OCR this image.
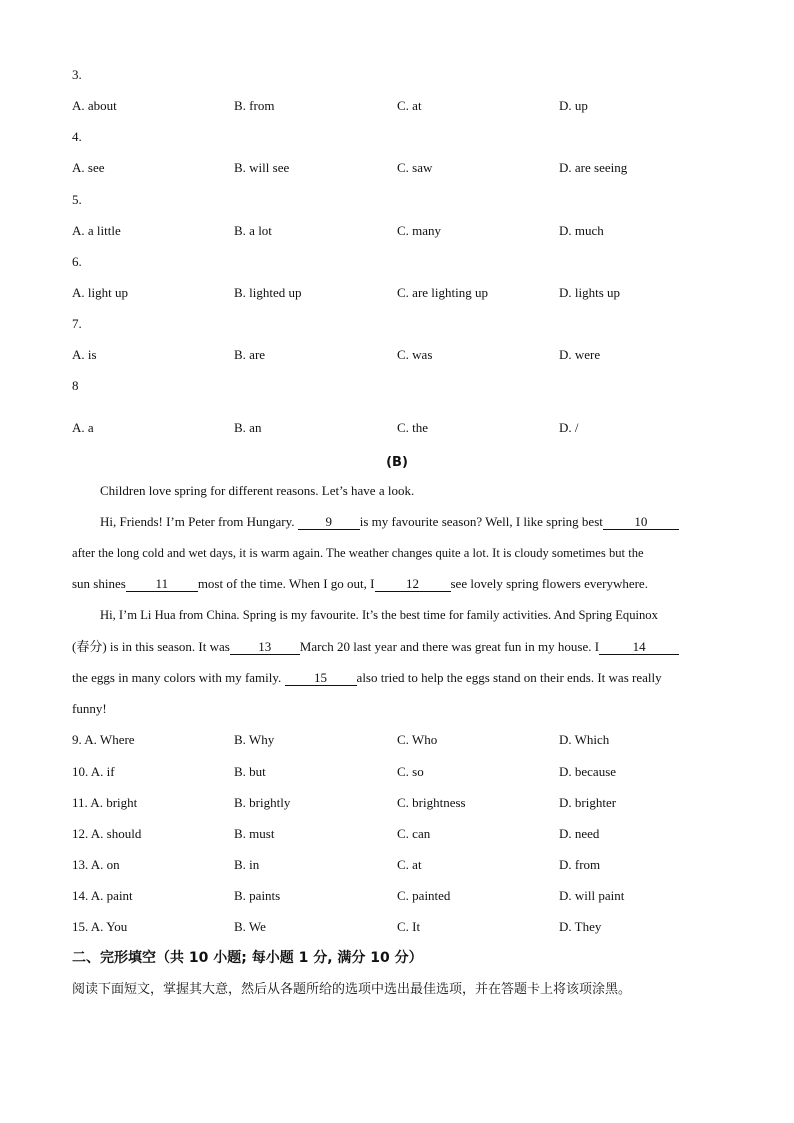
3.
A. about	B. from	C. at	D. up
4.
A. see	B. will see	C. saw	D. are seeing
5.
A. a little	B. a lot	C. many	D. much
6.
A. light up	B. lighted up	C. are lighting up	D. lights up
7.
A. is	B. are	C. was	D. were
8
A. a	B. an	C. the	D. /
(B)
Children love spring for different reasons. Let’s have a look.
Hi, Friends! I’m Peter from Hungary. 9 is my favourite season? Well, I like spring best 10
after the long cold and wet days, it is warm again. The weather changes quite a lot. It is cloudy sometimes but the
sun shines 11 most of the time. When I go out, I 12 see lovely spring flowers everywhere.
Hi, I’m Li Hua from China. Spring is my favourite. It’s the best time for family activities. And Spring Equinox
(春分) is in this season. It was 13 March 20 last year and there was great fun in my house. I	14
the eggs in many colors with my family. 15 also tried to help the eggs stand on their ends. It was really
funny!
9. A. Where	B. Why	C. Who	D. Which
10. A. if	B. but	C. so	D. because
11. A. bright	B. brightly	C. brightness	D. brighter
12. A. should	B. must	C. can	D. need
13. A. on	B. in	C. at	D. from
14. A. paint	B. paints	C. painted	D. will paint
15. A. You	B. We	C. It	D. They
二、完形填空（共 10 小题; 每小题 1 分, 满分 10 分）
阅读下面短文，掌握其大意，然后从各题所给的选项中选出最佳选项，并在答题卡上将该项涂黑。
